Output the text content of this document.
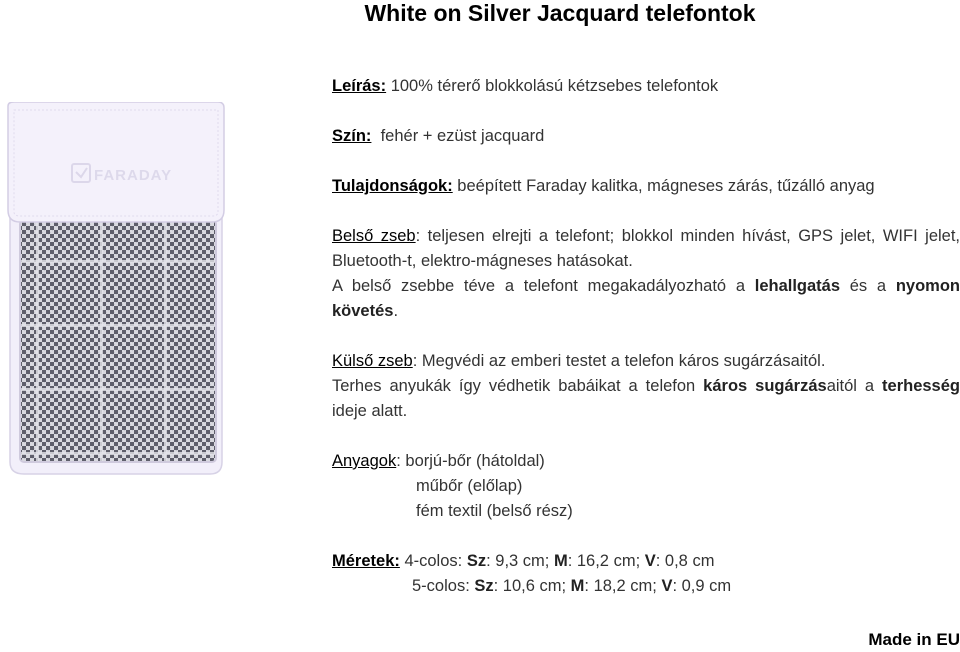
White on Silver Jacquard telefontok
FARADAY
Leírás: 100% térerő blokkolású kétzsebes telefontok
Szín:  fehér + ezüst jacquard
Tulajdonságok: beépített Faraday kalitka, mágneses zárás, tűzálló anyag
Belső zseb: teljesen elrejti a telefont; blokkol minden hívást, GPS jelet, WIFI jelet, Bluetooth-t, elektro-mágneses hatásokat.
A belső zsebbe téve a telefont megakadályozható a lehallgatás és a nyomon követés.
Külső zseb: Megvédi az emberi testet a telefon káros sugárzásaitól.
Terhes anyukák így védhetik babáikat a telefon káros sugárzásaitól a terhesség ideje alatt.
Anyagok: borjú-bőr (hátoldal)
műbőr (előlap)
fém textil (belső rész)
Méretek: 4-colos: Sz: 9,3 cm; M: 16,2 cm; V: 0,8 cm
5-colos: Sz: 10,6 cm; M: 18,2 cm; V: 0,9 cm
Made in EU
